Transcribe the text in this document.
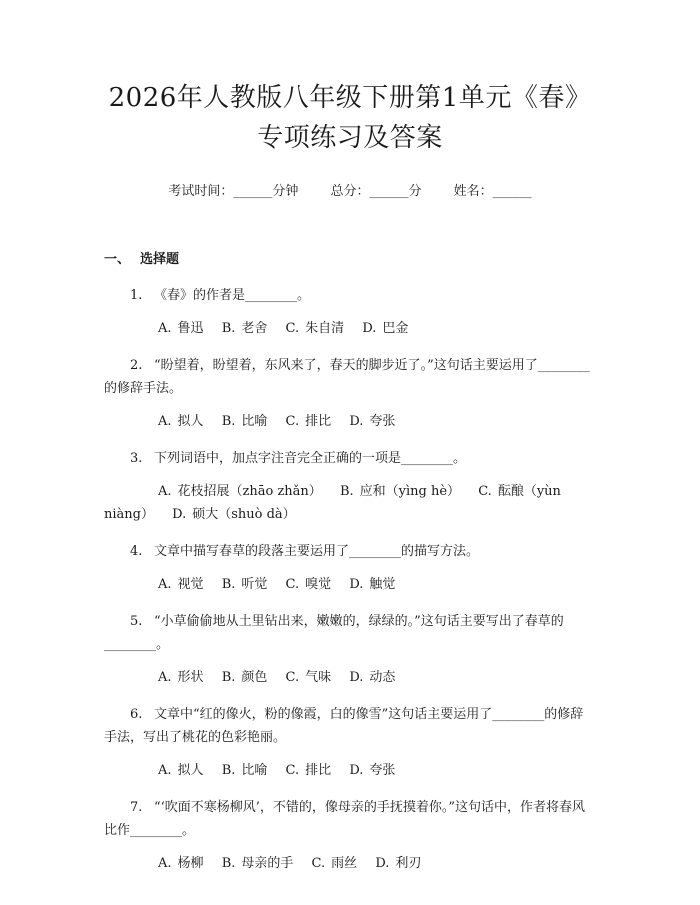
2026年人教版八年级下册第1单元《春》专项练习及答案
考试时间：______分钟 总分：______分 姓名：______
一、 选择题
1. 《春》的作者是________。
A. 鲁迅 B. 老舍 C. 朱自清 D. 巴金
2. “盼望着，盼望着，东风来了，春天的脚步近了。”这句话主要运用了________的修辞手法。
A. 拟人 B. 比喻 C. 排比 D. 夸张
3. 下列词语中，加点字注音完全正确的一项是________。
A. 花枝招展（zhāo zhǎn） B. 应和（yìng hè） C. 酝酿（yùn niàng） D. 硕大（shuò dà）
4. 文章中描写春草的段落主要运用了________的描写方法。
A. 视觉 B. 听觉 C. 嗅觉 D. 触觉
5. “小草偷偷地从土里钻出来，嫩嫩的，绿绿的。”这句话主要写出了春草的________。
A. 形状 B. 颜色 C. 气味 D. 动态
6. 文章中“红的像火，粉的像霞，白的像雪”这句话主要运用了________的修辞手法，写出了桃花的色彩艳丽。
A. 拟人 B. 比喻 C. 排比 D. 夸张
7. “‘吹面不寒杨柳风’，不错的，像母亲的手抚摸着你。”这句话中，作者将春风比作________。
A. 杨柳 B. 母亲的手 C. 雨丝 D. 利刃
